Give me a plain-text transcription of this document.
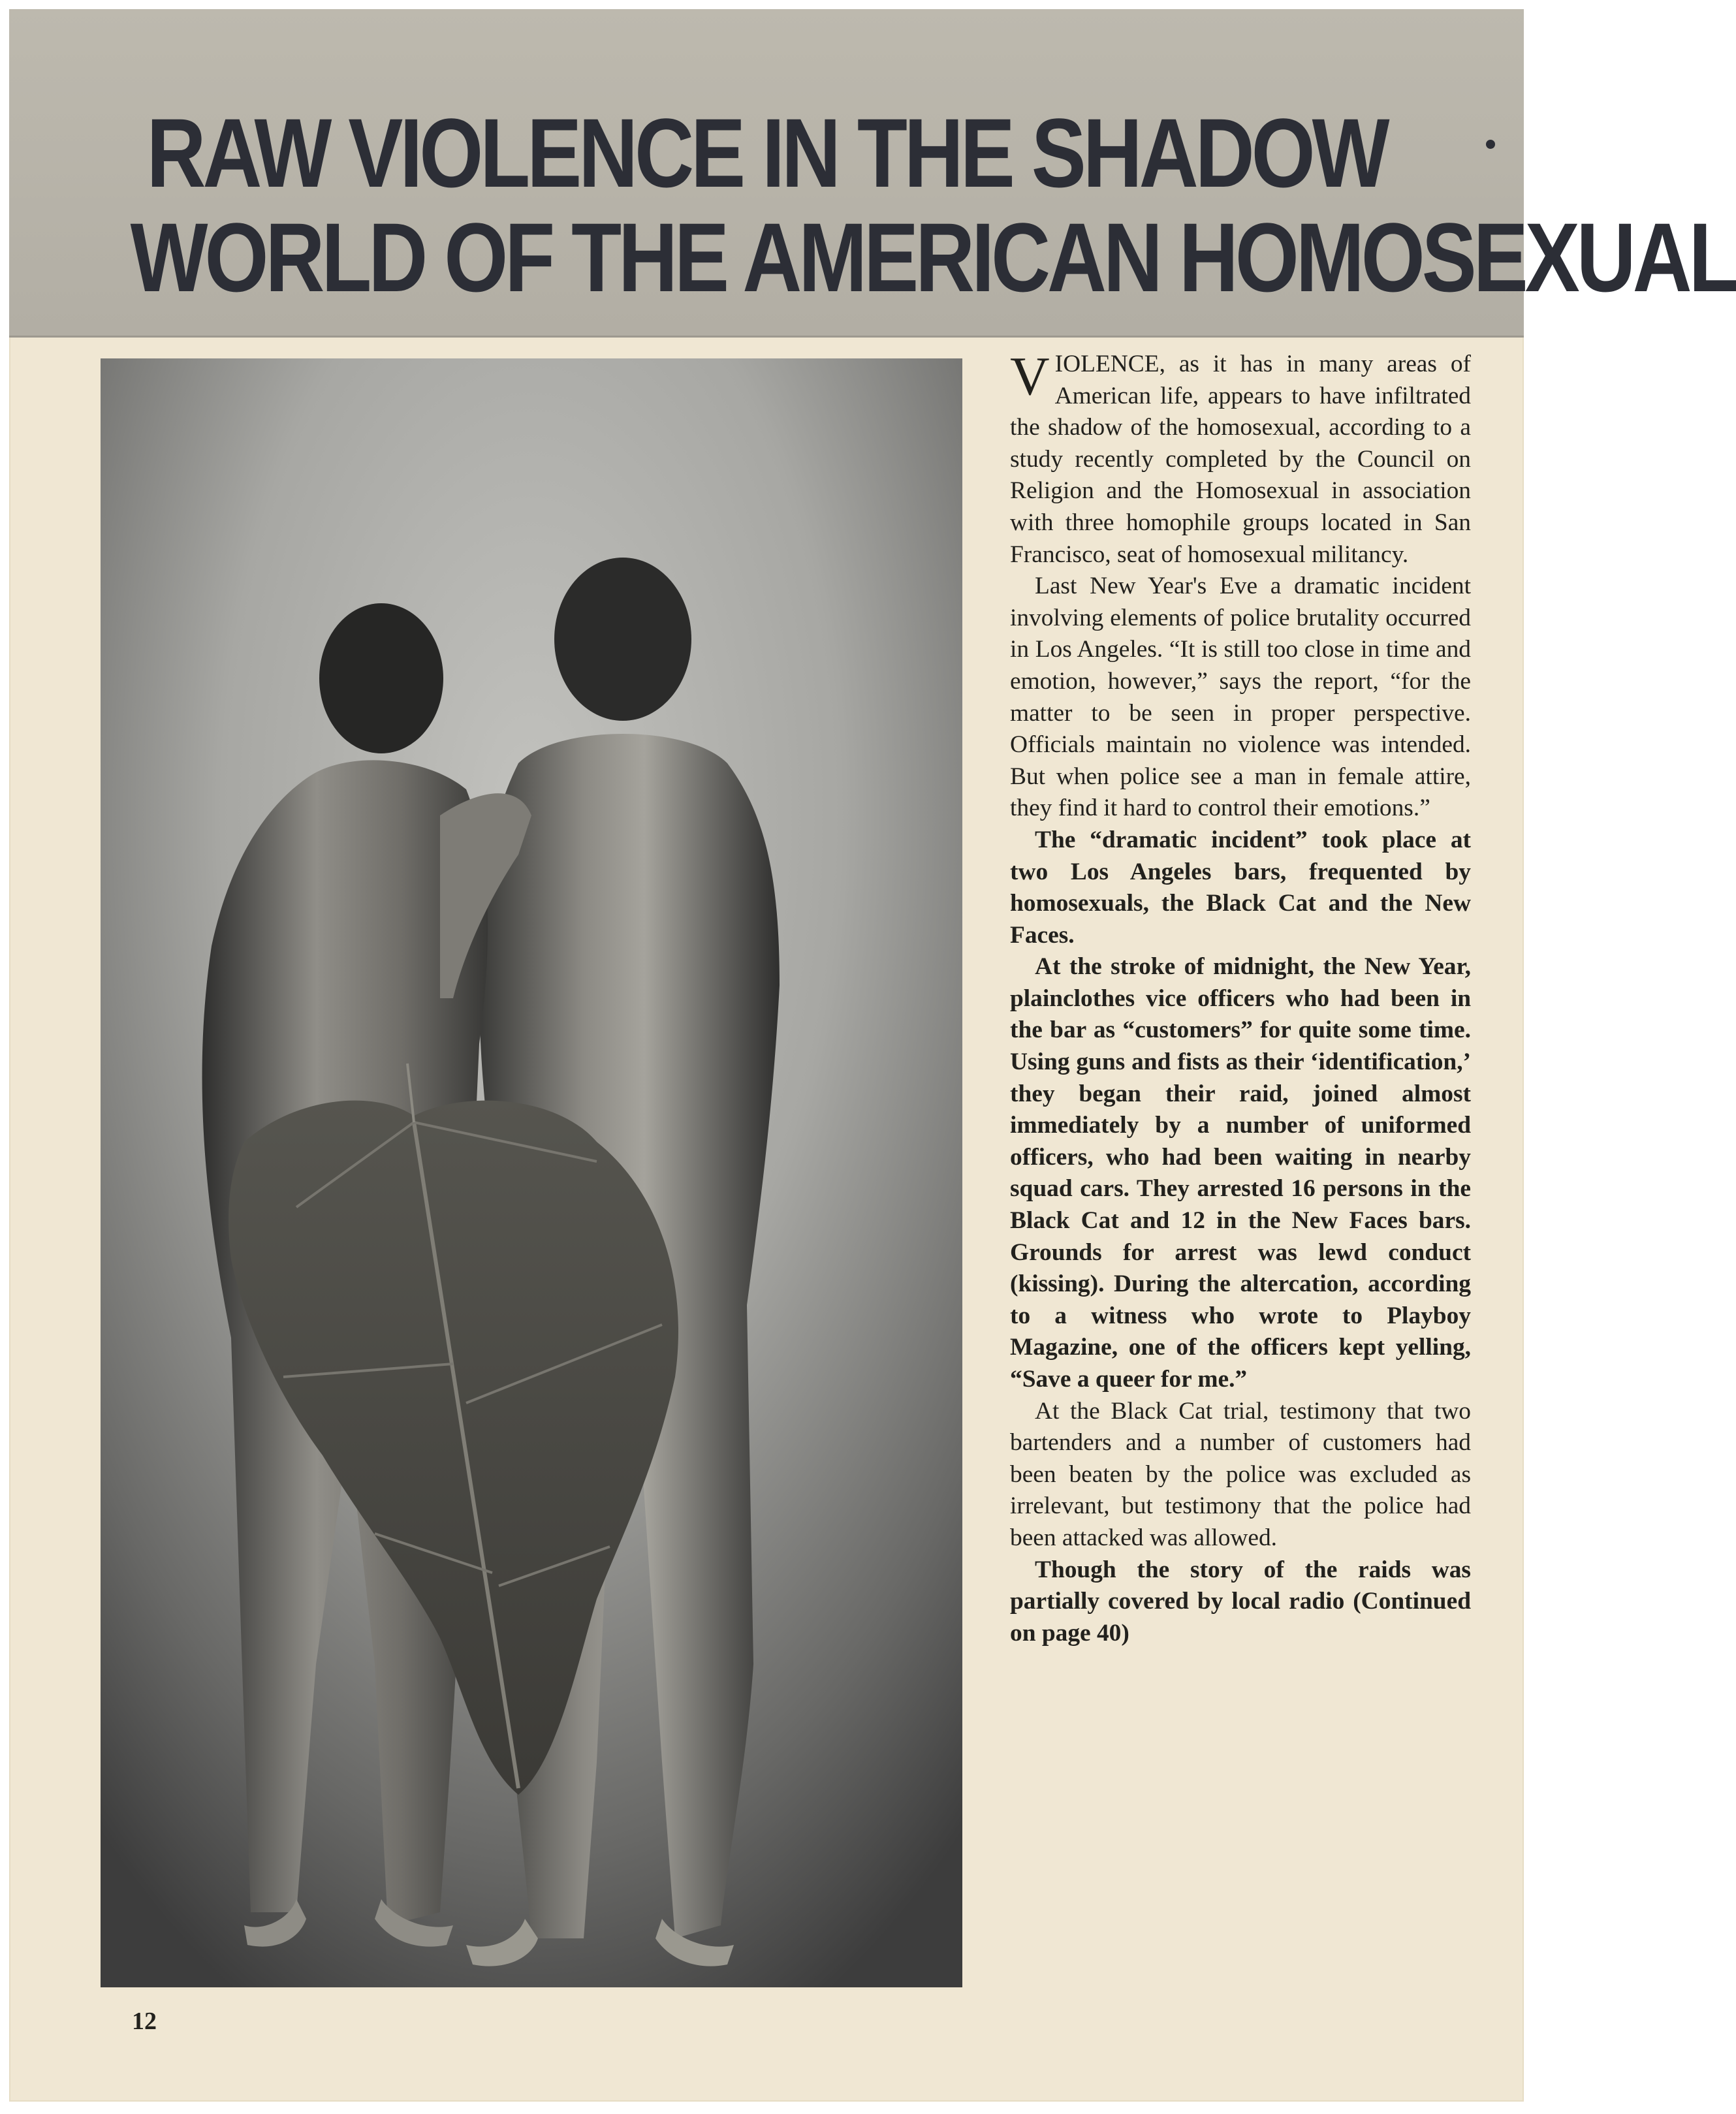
RAW VIOLENCE IN THE SHADOW
WORLD OF THE AMERICAN HOMOSEXUAL

VIOLENCE, as it has in many areas of American life, appears to have infiltrated the shadow of the homosexual, according to a study recently completed by the Council on Religion and the Homosexual in association with three homophile groups located in San Francisco, seat of homosexual militancy.

Last New Year's Eve a dramatic incident involving elements of police brutality occurred in Los Angeles. “It is still too close in time and emotion, however,” says the report, “for the matter to be seen in proper perspective. Officials maintain no violence was intended. But when police see a man in female attire, they find it hard to control their emotions.”

The “dramatic incident” took place at two Los Angeles bars, frequented by homosexuals, the Black Cat and the New Faces.

At the stroke of midnight, the New Year, plainclothes vice officers who had been in the bar as “customers” for quite some time. Using guns and fists as their ‘identification,’ they began their raid, joined almost immediately by a number of uniformed officers, who had been waiting in nearby squad cars. They arrested 16 persons in the Black Cat and 12 in the New Faces bars. Grounds for arrest was lewd conduct (kissing). During the altercation, according to a witness who wrote to Playboy Magazine, one of the officers kept yelling, “Save a queer for me.”

At the Black Cat trial, testimony that two bartenders and a number of customers had been beaten by the police was excluded as irrelevant, but testimony that the police had been attacked was allowed.

Though the story of the raids was partially covered by local radio (Continued on page 40)

12
